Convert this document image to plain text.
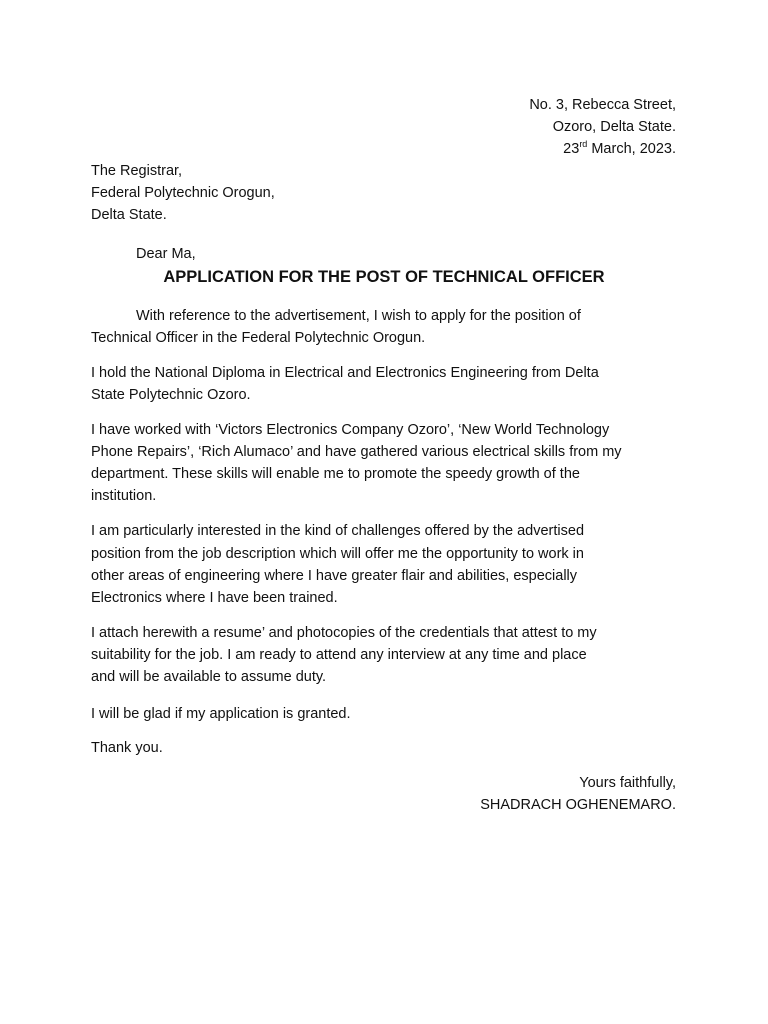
No. 3, Rebecca Street,
Ozoro, Delta State.
23rd March, 2023.
The Registrar,
Federal Polytechnic Orogun,
Delta State.
Dear Ma,
APPLICATION FOR THE POST OF TECHNICAL OFFICER
With reference to the advertisement, I wish to apply for the position of
Technical Officer in the Federal Polytechnic Orogun.
I hold the National Diploma in Electrical and Electronics Engineering from Delta
State Polytechnic Ozoro.
I have worked with ‘Victors Electronics Company Ozoro’, ‘New World Technology
Phone Repairs’, ‘Rich Alumaco’ and have gathered various electrical skills from my
department. These skills will enable me to promote the speedy growth of the
institution.
I am particularly interested in the kind of challenges offered by the advertised
position from the job description which will offer me the opportunity to work in
other areas of engineering where I have greater flair and abilities, especially
Electronics where I have been trained.
I attach herewith a resume’ and photocopies of the credentials that attest to my
suitability for the job. I am ready to attend any interview at any time and place
and will be available to assume duty.
I will be glad if my application is granted.
Thank you.
Yours faithfully,
SHADRACH OGHENEMARO.
